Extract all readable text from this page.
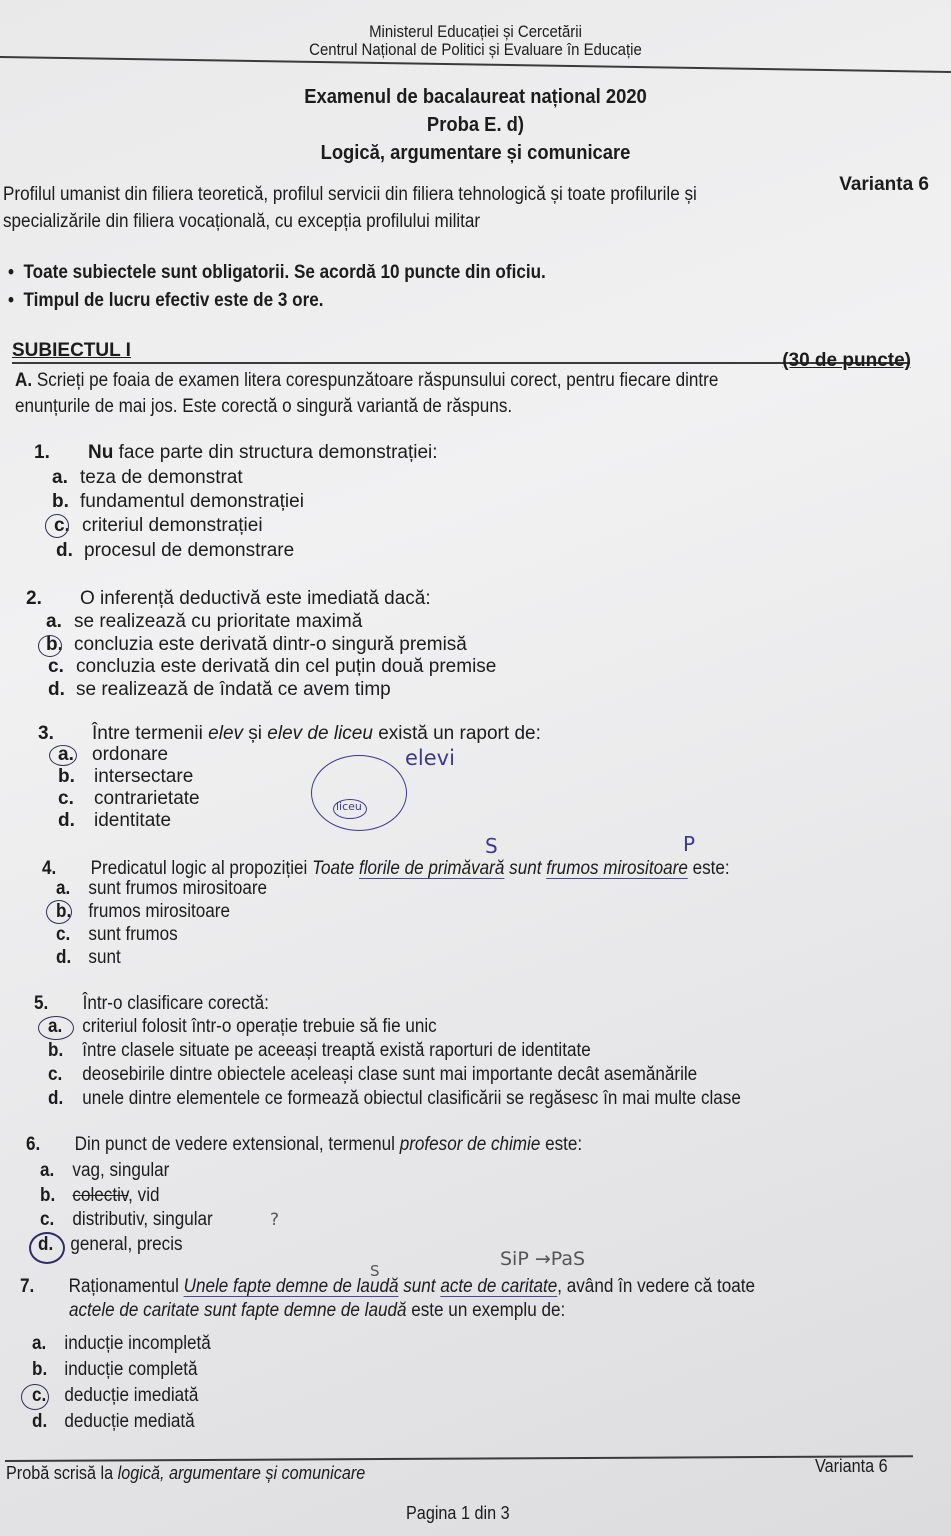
Ministerul Educației și Cercetării
Centrul Național de Politici și Evaluare în Educație
Examenul de bacalaureat național 2020
Proba E. d)
Logică, argumentare și comunicare
Varianta 6
Profilul umanist din filiera teoretică, profilul servicii din filiera tehnologică și toate profilurile și
specializările din filiera vocațională, cu excepția profilului militar
•  Toate subiectele sunt obligatorii. Se acordă 10 puncte din oficiu.
•  Timpul de lucru efectiv este de 3 ore.
SUBIECTUL I	(30 de puncte)
A. Scrieți pe foaia de examen litera corespunzătoare răspunsului corect, pentru fiecare dintre
enunțurile de mai jos. Este corectă o singură variantă de răspuns.
1. Nu face parte din structura demonstrației:
a. teza de demonstrat
b. fundamentul demonstrației
c. criteriul demonstrației
d. procesul de demonstrare
2. O inferență deductivă este imediată dacă:
a. se realizează cu prioritate maximă
b. concluzia este derivată dintr-o singură premisă
c. concluzia este derivată din cel puțin două premise
d. se realizează de îndată ce avem timp
3. Între termenii elev și elev de liceu există un raport de:
a. ordonare
b. intersectare
c. contrarietate
d. identitate
liceu
elevi
S	P
4. Predicatul logic al propoziției Toate florile de primăvară sunt frumos mirositoare este:
a. sunt frumos mirositoare
b. frumos mirositoare
c. sunt frumos
d. sunt
5. Într-o clasificare corectă:
a. criteriul folosit într-o operație trebuie să fie unic
b. între clasele situate pe aceeași treaptă există raporturi de identitate
c. deosebirile dintre obiectele aceleași clase sunt mai importante decât asemănările
d. unele dintre elementele ce formează obiectul clasificării se regăsesc în mai multe clase
6. Din punct de vedere extensional, termenul profesor de chimie este:
a. vag, singular
b. colectiv, vid
c. distributiv, singular	?
d. general, precis
SiP →PaS
S
7. Raționamentul Unele fapte demne de laudă sunt acte de caritate, având în vedere că toate
actele de caritate sunt fapte demne de laudă este un exemplu de:
a. inducție incompletă
b. inducție completă
c. deducție imediată
d. deducție mediată
Probă scrisă la logică, argumentare și comunicare	Varianta 6
Pagina 1 din 3
